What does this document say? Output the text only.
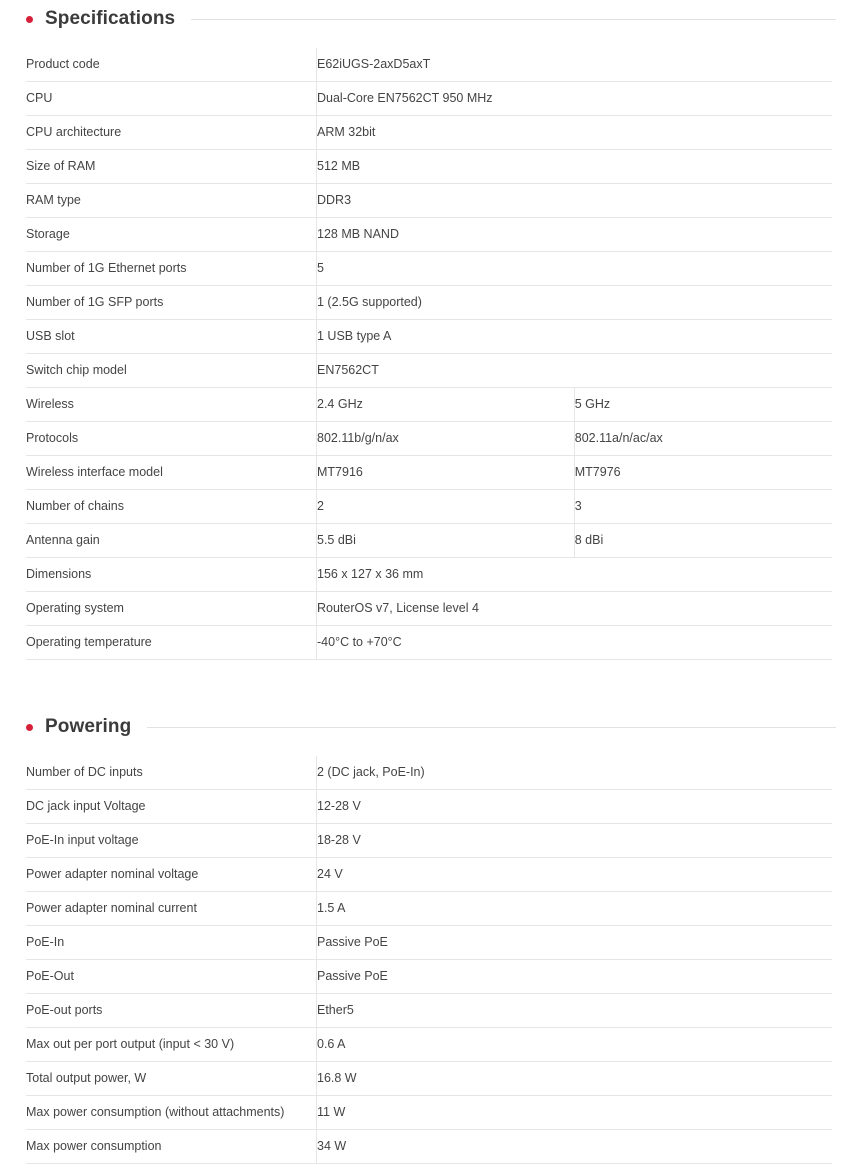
Specifications
Product code	E62iUGS-2axD5axT	
CPU	Dual-Core EN7562CT 950 MHz	
CPU architecture	ARM 32bit	
Size of RAM	512 MB	
RAM type	DDR3	
Storage	128 MB NAND	
Number of 1G Ethernet ports	5	
Number of 1G SFP ports	1 (2.5G supported)	
USB slot	1 USB type A	
Switch chip model	EN7562CT	
Wireless	2.4 GHz	5 GHz
Protocols	802.11b/g/n/ax	802.11a/n/ac/ax
Wireless interface model	MT7916	MT7976
Number of chains	2	3
Antenna gain	5.5 dBi	8 dBi
Dimensions	156 x 127 x 36 mm	
Operating system	RouterOS v7, License level 4	
Operating temperature	-40°C to +70°C	
Powering
Number of DC inputs	2 (DC jack, PoE-In)
DC jack input Voltage	12-28 V
PoE-In input voltage	18-28 V
Power adapter nominal voltage	24 V
Power adapter nominal current	1.5 A
PoE-In	Passive PoE
PoE-Out	Passive PoE
PoE-out ports	Ether5
Max out per port output (input < 30 V)	0.6 A
Total output power, W	16.8 W
Max power consumption (without attachments)	11 W
Max power consumption	34 W
